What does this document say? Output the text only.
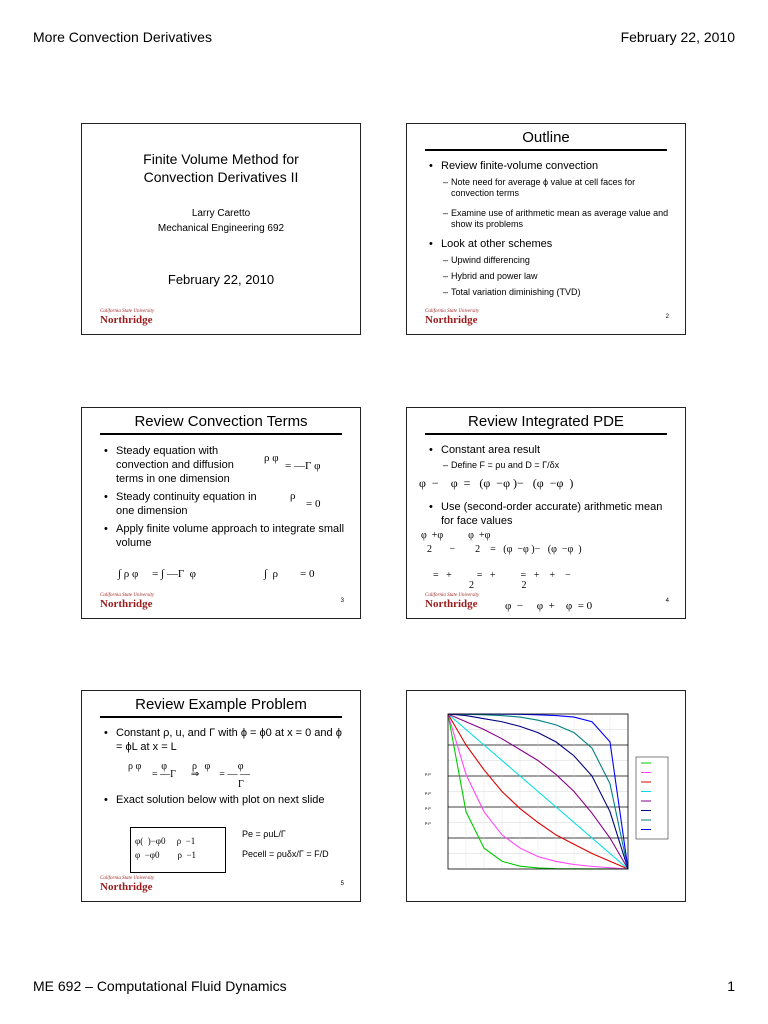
More Convection Derivatives	February 22, 2010
Finite Volume Method for
Convection Derivatives II
Larry Caretto
Mechanical Engineering 692
February 22, 2010
California State University
Northridge
Outline
• Review finite-volume convection
– Note need for average ϕ value at cell faces for convection terms
– Examine use of arithmetic mean as average value and show its problems
• Look at other schemes
– Upwind differencing
– Hybrid and power law
– Total variation diminishing (TVD)
California State University
Northridge	2
Review Convection Terms
• Steady equation with convection and diffusion terms in one dimension
• Steady continuity equation in one dimension
• Apply finite volume approach to integrate small volume
ρ φ
= —Γ φ
ρ
= 0
∫ ρ φ     = ∫ —Γ  φ	∫  ρ        = 0
California State University
Northridge	3
Review Integrated PDE
• Constant area result
– Define F = ρu and D = Γ/δx
φ  −    φ  =   (φ  −φ )−   (φ  −φ  )
• Use (second-order accurate) arithmetic mean for face values
φ  +φ          φ  +φ
2       −        2    =   (φ  −φ )−   (φ  −φ  )
=   +          =   +          =   +    +    −
2                   2
φ  −     φ  +    φ  = 0
California State University
Northridge	4
Review Example Problem
• Constant ρ, u, and Γ with ϕ = ϕ0 at x = 0 and ϕ = ϕL at x = L
ρ φ        φ          ρ   φ           φ
= —Γ      ⇒        = — —
Γ
• Exact solution below with plot on next slide
φ(  )−φ0     ρ  −1
φ  −φ0        ρ  −1
Pe = ρuL/Γ
Pecell = ρuδx/Γ = F/D
California State University
Northridge	5
μ,ρ
μ,ρ
μ,ρ
μ,ρ
ME 692 – Computational Fluid Dynamics	1
